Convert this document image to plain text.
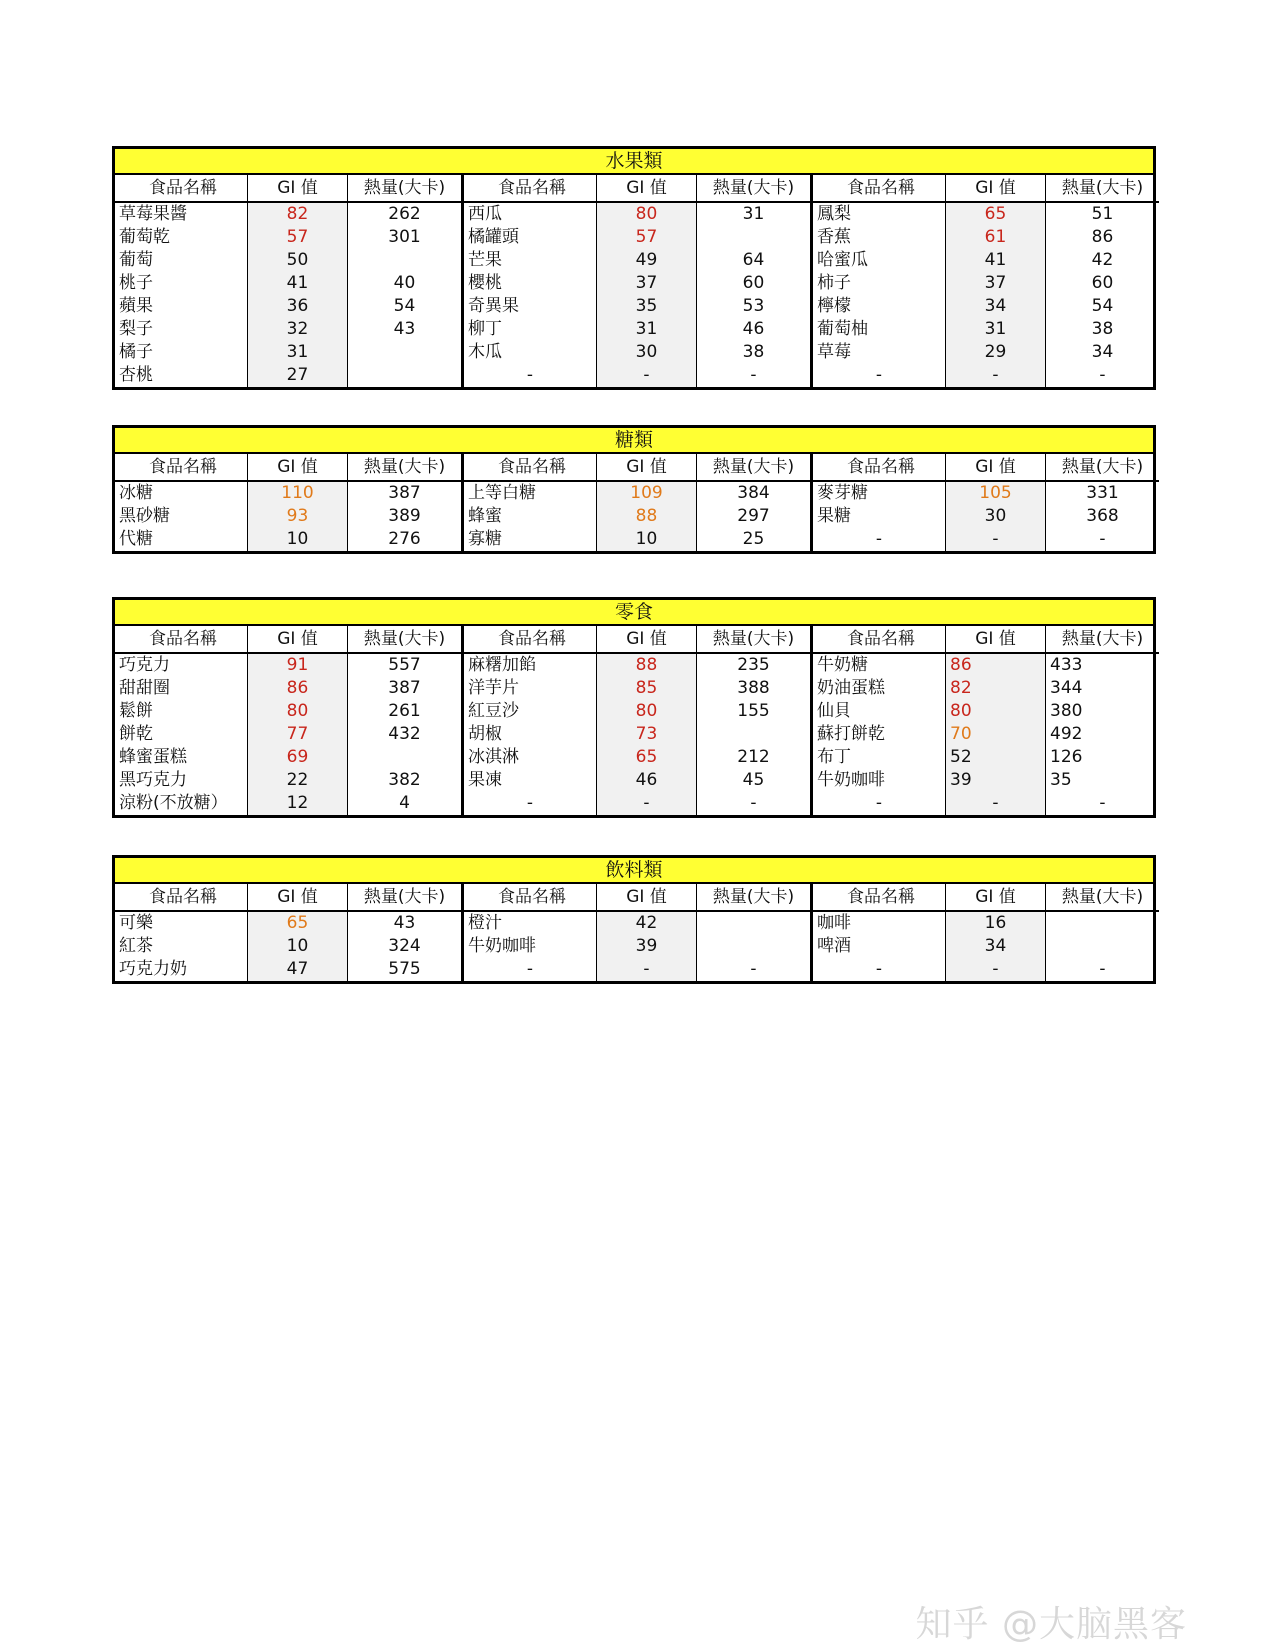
水果類
食品名稱	GI 值	熱量(大卡)
草莓果醬	82	262
葡萄乾	57	301
葡萄	50
桃子	41	40
蘋果	36	54
梨子	32	43
橘子	31
杏桃	27
食品名稱	GI 值	熱量(大卡)
西瓜	80	31
橘罐頭	57
芒果	49	64
櫻桃	37	60
奇異果	35	53
柳丁	31	46
木瓜	30	38
-	-	-
食品名稱	GI 值	熱量(大卡)
鳳梨	65	51
香蕉	61	86
哈蜜瓜	41	42
柿子	37	60
檸檬	34	54
葡萄柚	31	38
草莓	29	34
-	-	-
糖類
食品名稱	GI 值	熱量(大卡)
冰糖	110	387
黑砂糖	93	389
代糖	10	276
食品名稱	GI 值	熱量(大卡)
上等白糖	109	384
蜂蜜	88	297
寡糖	10	25
食品名稱	GI 值	熱量(大卡)
麥芽糖	105	331
果糖	30	368
-	-	-
零食
食品名稱	GI 值	熱量(大卡)
巧克力	91	557
甜甜圈	86	387
鬆餅	80	261
餅乾	77	432
蜂蜜蛋糕	69
黑巧克力	22	382
涼粉(不放糖）	12	4
食品名稱	GI 值	熱量(大卡)
麻糬加餡	88	235
洋芋片	85	388
紅豆沙	80	155
胡椒	73
冰淇淋	65	212
果凍	46	45
-	-	-
食品名稱	GI 值	熱量(大卡)
牛奶糖	86	433
奶油蛋糕	82	344
仙貝	80	380
蘇打餅乾	70	492
布丁	52	126
牛奶咖啡	39	35
-	-	-
飲料類
食品名稱	GI 值	熱量(大卡)
可樂	65	43
紅茶	10	324
巧克力奶	47	575
食品名稱	GI 值	熱量(大卡)
橙汁	42
牛奶咖啡	39
-	-	-
食品名稱	GI 值	熱量(大卡)
咖啡	16
啤酒	34
-	-	-
知乎 @大脑黑客
